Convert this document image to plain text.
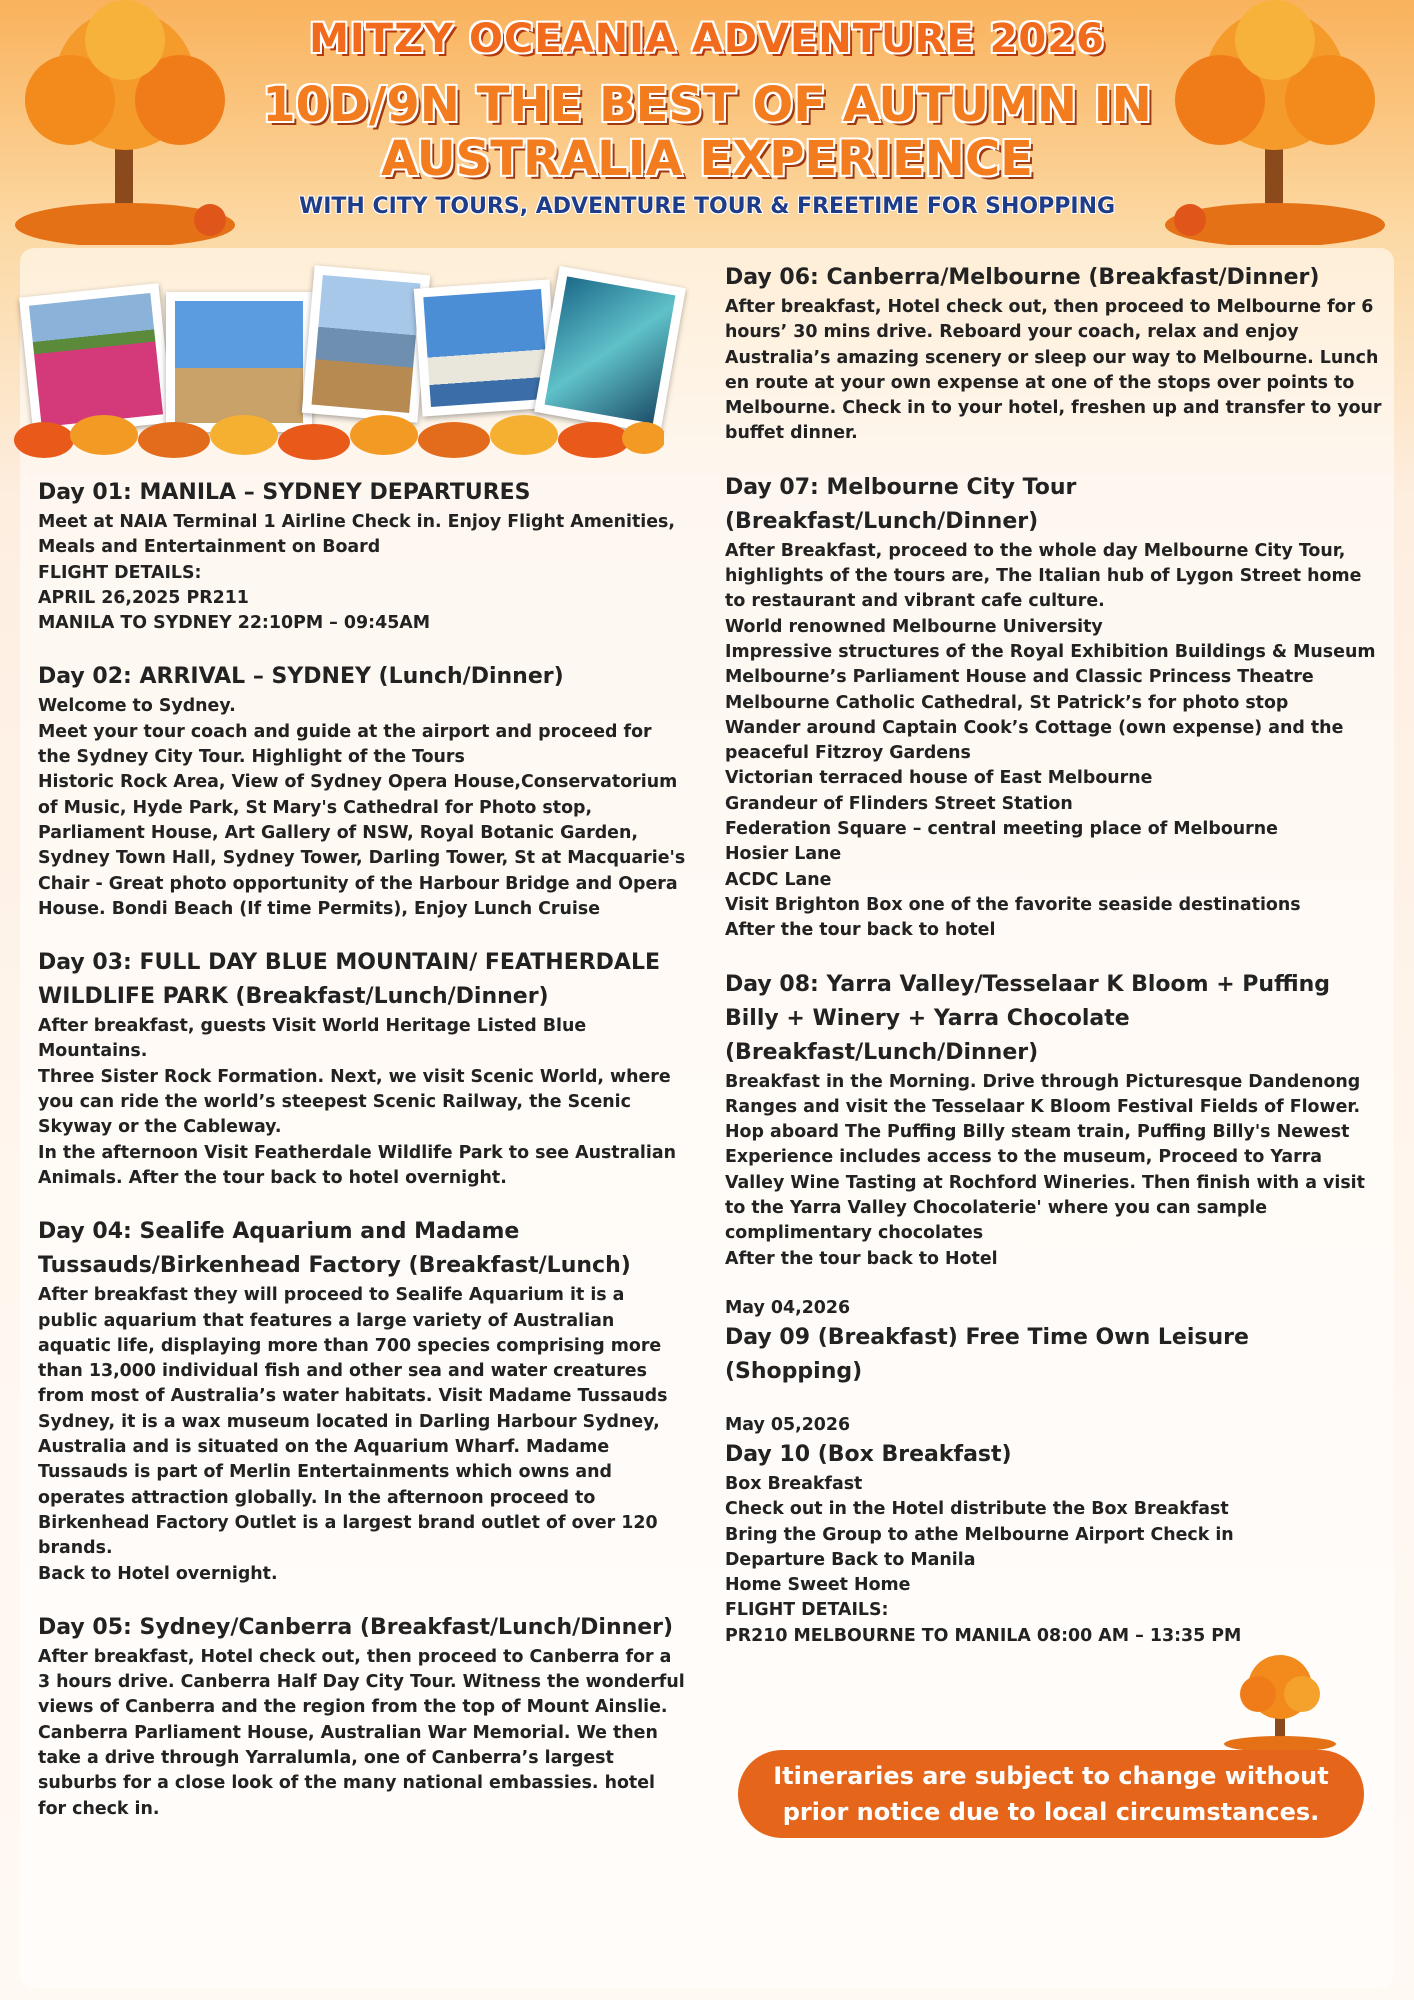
MITZY OCEANIA ADVENTURE 2026
10D/9N THE BEST OF AUTUMN IN
AUSTRALIA EXPERIENCE
WITH CITY TOURS, ADVENTURE TOUR & FREETIME FOR SHOPPING
Day 01: MANILA – SYDNEY DEPARTURES

Meet at NAIA Terminal 1 Airline Check in. Enjoy Flight Amenities, Meals and Entertainment on Board

FLIGHT DETAILS:

APRIL 26,2025 PR211

MANILA TO SYDNEY 22:10PM – 09:45AM

Day 02: ARRIVAL – SYDNEY (Lunch/Dinner)

Welcome to Sydney.

Meet your tour coach and guide at the airport and proceed for the Sydney City Tour. Highlight of the Tours

Historic Rock Area, View of Sydney Opera House,Conservatorium of Music, Hyde Park, St Mary's Cathedral for Photo stop, Parliament House, Art Gallery of NSW, Royal Botanic Garden, Sydney Town Hall, Sydney Tower, Darling Tower, St at Macquarie's Chair - Great photo opportunity of the Harbour Bridge and Opera House. Bondi Beach (If time Permits), Enjoy Lunch Cruise

Day 03: FULL DAY BLUE MOUNTAIN/ FEATHERDALE WILDLIFE PARK (Breakfast/Lunch/Dinner)

After breakfast, guests Visit World Heritage Listed Blue Mountains.

Three Sister Rock Formation. Next, we visit Scenic World, where you can ride the world’s steepest Scenic Railway, the Scenic Skyway or the Cableway.

In the afternoon Visit Featherdale Wildlife Park to see Australian Animals. After the tour back to hotel overnight.

Day 04: Sealife Aquarium and Madame Tussauds/Birkenhead Factory (Breakfast/Lunch)

After breakfast they will proceed to Sealife Aquarium it is a public aquarium that features a large variety of Australian aquatic life, displaying more than 700 species comprising more than 13,000 individual fish and other sea and water creatures from most of Australia’s water habitats. Visit Madame Tussauds Sydney, it is a wax museum located in Darling Harbour Sydney, Australia and is situated on the Aquarium Wharf. Madame Tussauds is part of Merlin Entertainments which owns and operates attraction globally. In the afternoon proceed to Birkenhead Factory Outlet is a largest brand outlet of over 120 brands.

Back to Hotel overnight.

Day 05: Sydney/Canberra (Breakfast/Lunch/Dinner)

After breakfast, Hotel check out, then proceed to Canberra for a 3 hours drive. Canberra Half Day City Tour. Witness the wonderful views of Canberra and the region from the top of Mount Ainslie. Canberra Parliament House, Australian War Memorial. We then take a drive through Yarralumla, one of Canberra’s largest suburbs for a close look of the many national embassies. hotel for check in.

Day 06: Canberra/Melbourne (Breakfast/Dinner)

After breakfast, Hotel check out, then proceed to Melbourne for 6 hours’ 30 mins drive. Reboard your coach, relax and enjoy Australia’s amazing scenery or sleep our way to Melbourne. Lunch en route at your own expense at one of the stops over points to Melbourne. Check in to your hotel, freshen up and transfer to your buffet dinner.

Day 07: Melbourne City Tour (Breakfast/Lunch/Dinner)

After Breakfast, proceed to the whole day Melbourne City Tour, highlights of the tours are, The Italian hub of Lygon Street home to restaurant and vibrant cafe culture.

World renowned Melbourne University

Impressive structures of the Royal Exhibition Buildings & Museum

Melbourne’s Parliament House and Classic Princess Theatre

Melbourne Catholic Cathedral, St Patrick’s for photo stop

Wander around Captain Cook’s Cottage (own expense) and the peaceful Fitzroy Gardens

Victorian terraced house of East Melbourne

Grandeur of Flinders Street Station

Federation Square – central meeting place of Melbourne

Hosier Lane

ACDC Lane

Visit Brighton Box one of the favorite seaside destinations

After the tour back to hotel

Day 08: Yarra Valley/Tesselaar K Bloom + Puffing Billy + Winery + Yarra Chocolate (Breakfast/Lunch/Dinner)

Breakfast in the Morning. Drive through Picturesque Dandenong Ranges and visit the Tesselaar K Bloom Festival Fields of Flower. Hop aboard The Puffing Billy steam train, Puffing Billy's Newest Experience includes access to the museum, Proceed to Yarra Valley Wine Tasting at Rochford Wineries. Then finish with a visit to the Yarra Valley Chocolaterie' where you can sample complimentary chocolates

After the tour back to Hotel

May 04,2026
Day 09 (Breakfast) Free Time Own Leisure (Shopping)
May 05,2026
Day 10 (Box Breakfast)

Box Breakfast

Check out in the Hotel distribute the Box Breakfast

Bring the Group to athe Melbourne Airport Check in

Departure Back to Manila

Home Sweet Home

FLIGHT DETAILS:

PR210 MELBOURNE TO MANILA 08:00 AM – 13:35 PM

Itineraries are subject to change without prior notice due to local circumstances.
